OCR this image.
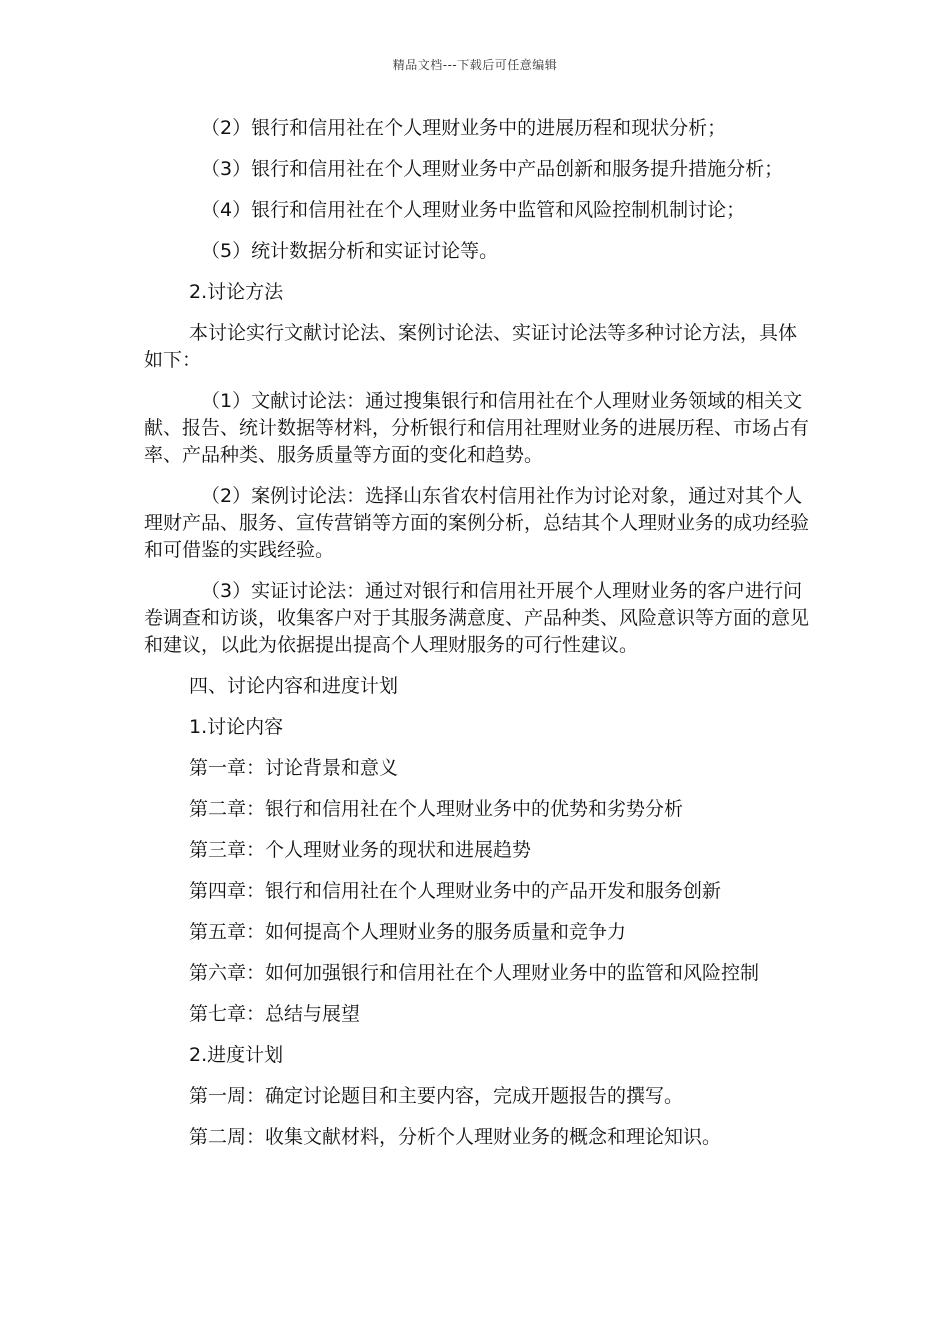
精品文档---下载后可任意编辑

（2）银行和信用社在个人理财业务中的进展历程和现状分析；

（3）银行和信用社在个人理财业务中产品创新和服务提升措施分析；

（4）银行和信用社在个人理财业务中监管和风险控制机制讨论；

（5）统计数据分析和实证讨论等。

2.讨论方法

本讨论实行文献讨论法、案例讨论法、实证讨论法等多种讨论方法，具体如下：

（1）文献讨论法：通过搜集银行和信用社在个人理财业务领域的相关文献、报告、统计数据等材料，分析银行和信用社理财业务的进展历程、市场占有率、产品种类、服务质量等方面的变化和趋势。

（2）案例讨论法：选择山东省农村信用社作为讨论对象，通过对其个人理财产品、服务、宣传营销等方面的案例分析，总结其个人理财业务的成功经验和可借鉴的实践经验。

（3）实证讨论法：通过对银行和信用社开展个人理财业务的客户进行问卷调查和访谈，收集客户对于其服务满意度、产品种类、风险意识等方面的意见和建议，以此为依据提出提高个人理财服务的可行性建议。

四、讨论内容和进度计划

1.讨论内容

第一章：讨论背景和意义

第二章：银行和信用社在个人理财业务中的优势和劣势分析

第三章：个人理财业务的现状和进展趋势

第四章：银行和信用社在个人理财业务中的产品开发和服务创新

第五章：如何提高个人理财业务的服务质量和竞争力

第六章：如何加强银行和信用社在个人理财业务中的监管和风险控制

第七章：总结与展望

2.进度计划

第一周：确定讨论题目和主要内容，完成开题报告的撰写。

第二周：收集文献材料，分析个人理财业务的概念和理论知识。
